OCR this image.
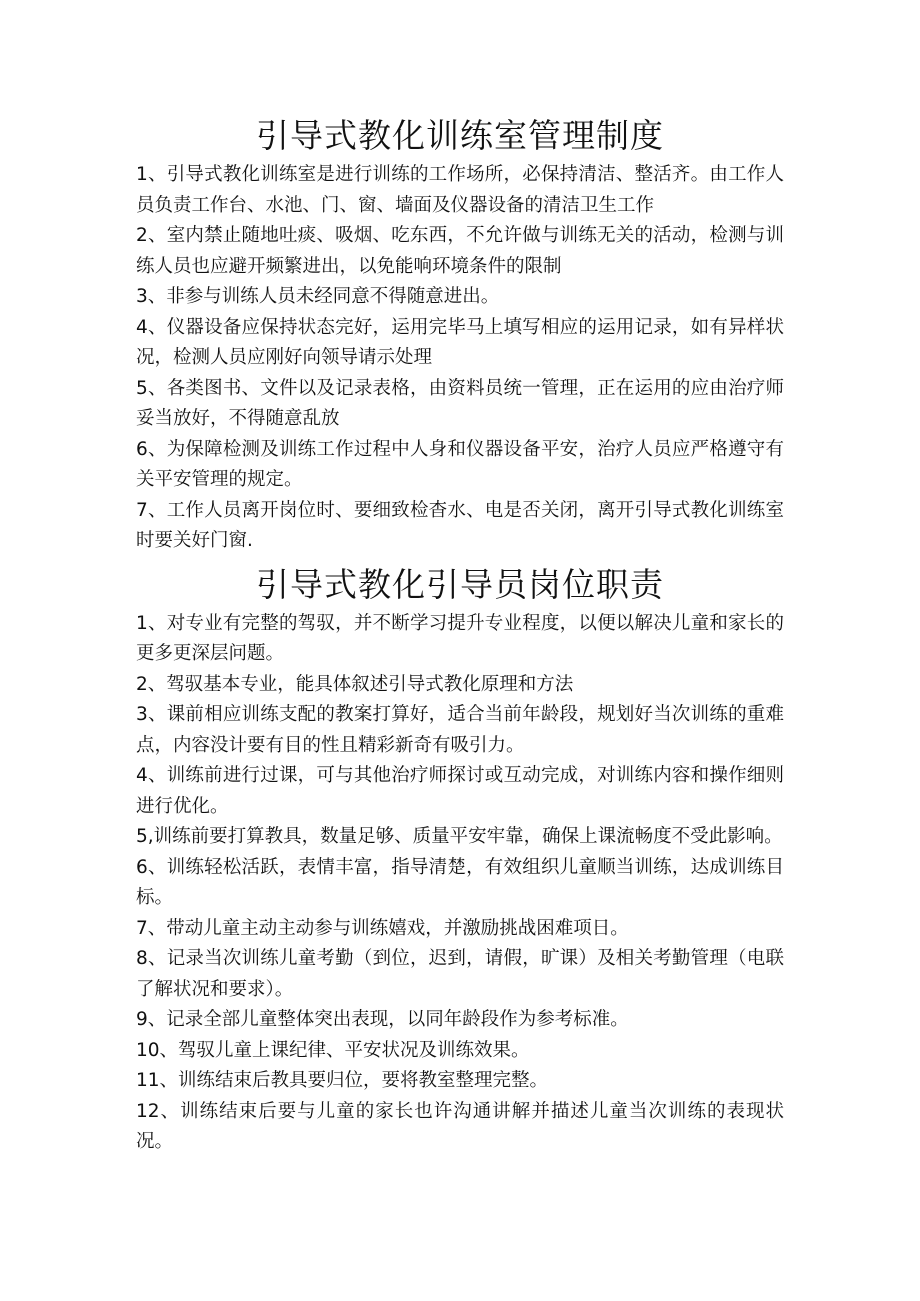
引导式教化训练室管理制度

1、引导式教化训练室是进行训练的工作场所，必保持清洁、整活齐。由工作人员负责工作台、水池、门、窗、墙面及仪器设备的清洁卫生工作

2、室内禁止随地吐痰、吸烟、吃东西，不允许做与训练无关的活动，检测与训练人员也应避开频繁进出，以免能响环境条件的限制

3、非参与训练人员未经同意不得随意进出。

4、仪器设备应保持状态完好，运用完毕马上填写相应的运用记录，如有异样状况，检测人员应刚好向领导请示处理

5、各类图书、文件以及记录表格，由资料员统一管理，正在运用的应由治疗师妥当放好，不得随意乱放

6、为保障检测及训练工作过程中人身和仪器设备平安，治疗人员应严格遵守有关平安管理的规定。

7、工作人员离开岗位时、要细致检杳水、电是否关闭，离开引导式教化训练室时要关好门窗.

引导式教化引导员岗位职责

1、对专业有完整的驾驭，并不断学习提升专业程度，以便以解决儿童和家长的更多更深层问题。

2、驾驭基本专业，能具体叙述引导式教化原理和方法

3、课前相应训练支配的教案打算好，适合当前年龄段，规划好当次训练的重难点，内容没计要有目的性且精彩新奇有吸引力。

4、训练前进行过课，可与其他治疗师探讨或互动完成，对训练内容和操作细则进行优化。

5,训练前要打算教具，数量足够、质量平安牢靠，确保上课流畅度不受此影响。

6、训练轻松活跃，表情丰富，指导清楚，有效组织儿童顺当训练，达成训练目标。

7、带动儿童主动主动参与训练嬉戏，并激励挑战困难项日。

8、记录当次训练儿童考勤（到位，迟到，请假，旷课）及相关考勤管理（电联了解状况和要求）。

9、记录全部儿童整体突出表现，以同年龄段作为参考标准。

10、驾驭儿童上课纪律、平安状况及训练效果。

11、训练结束后教具要归位，要将教室整理完整。

12、训练结束后要与儿童的家长也许沟通讲解并描述儿童当次训练的表现状况。
